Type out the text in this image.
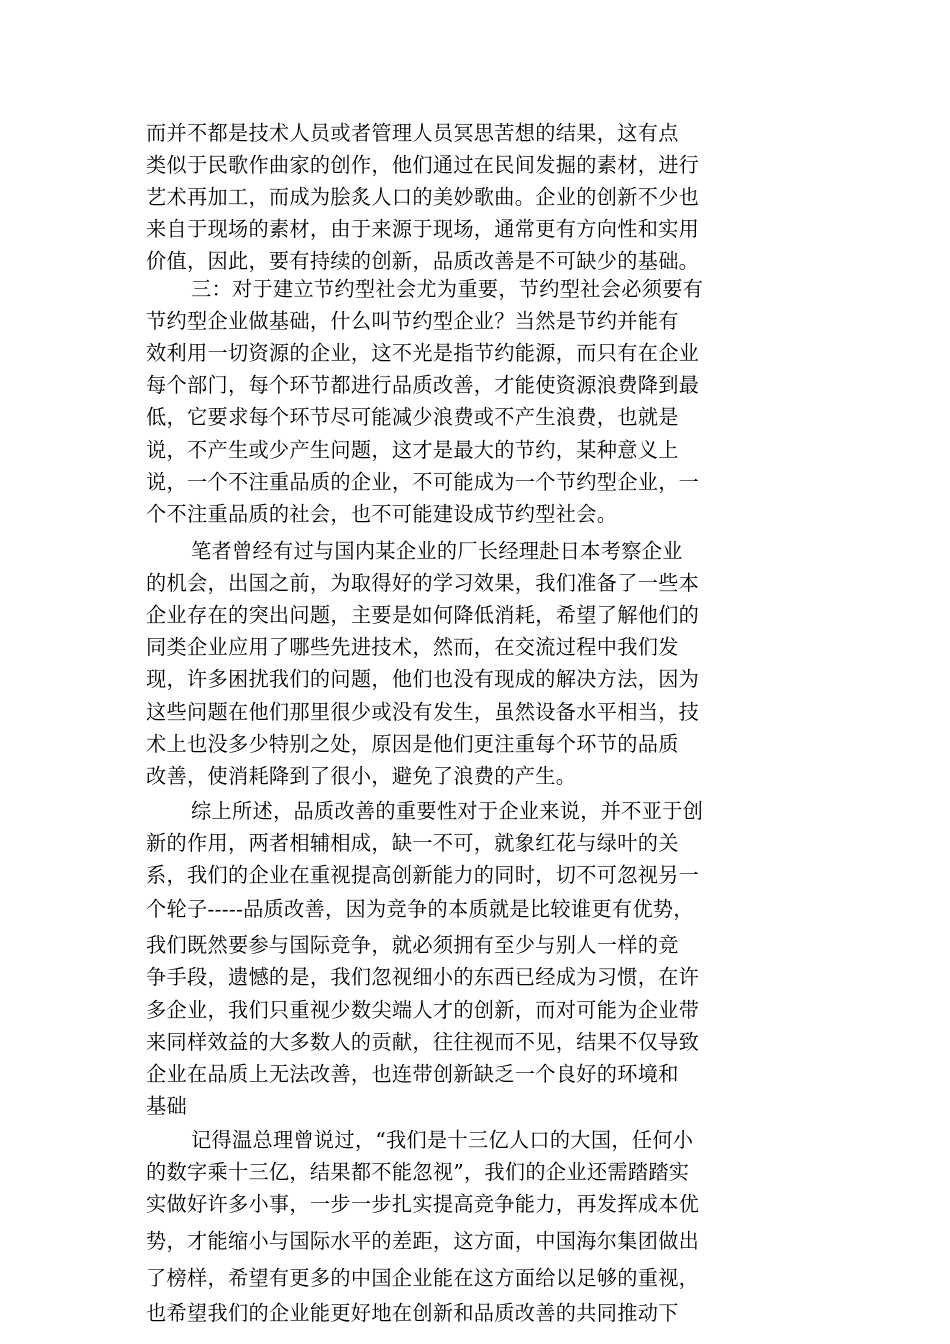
而并不都是技术人员或者管理人员冥思苦想的结果，这有点
类似于民歌作曲家的创作，他们通过在民间发掘的素材，进行
艺术再加工，而成为脍炙人口的美妙歌曲。企业的创新不少也
来自于现场的素材，由于来源于现场，通常更有方向性和实用
价值，因此，要有持续的创新，品质改善是不可缺少的基础。
三：对于建立节约型社会尤为重要，节约型社会必须要有
节约型企业做基础，什么叫节约型企业？当然是节约并能有
效利用一切资源的企业，这不光是指节约能源，而只有在企业
每个部门，每个环节都进行品质改善，才能使资源浪费降到最
低，它要求每个环节尽可能减少浪费或不产生浪费，也就是
说，不产生或少产生问题，这才是最大的节约，某种意义上
说，一个不注重品质的企业，不可能成为一个节约型企业，一
个不注重品质的社会，也不可能建设成节约型社会。
笔者曾经有过与国内某企业的厂长经理赴日本考察企业
的机会，出国之前，为取得好的学习效果，我们准备了一些本
企业存在的突出问题，主要是如何降低消耗，希望了解他们的
同类企业应用了哪些先进技术，然而，在交流过程中我们发
现，许多困扰我们的问题，他们也没有现成的解决方法，因为
这些问题在他们那里很少或没有发生，虽然设备水平相当，技
术上也没多少特别之处，原因是他们更注重每个环节的品质
改善，使消耗降到了很小，避免了浪费的产生。
综上所述，品质改善的重要性对于企业来说，并不亚于创
新的作用，两者相辅相成，缺一不可，就象红花与绿叶的关
系，我们的企业在重视提高创新能力的同时，切不可忽视另一
个轮子-----品质改善，因为竞争的本质就是比较谁更有优势，
我们既然要参与国际竞争，就必须拥有至少与别人一样的竞
争手段，遗憾的是，我们忽视细小的东西已经成为习惯，在许
多企业，我们只重视少数尖端人才的创新，而对可能为企业带
来同样效益的大多数人的贡献，往往视而不见，结果不仅导致
企业在品质上无法改善，也连带创新缺乏一个良好的环境和
基础
记得温总理曾说过，“我们是十三亿人口的大国，任何小
的数字乘十三亿，结果都不能忽视”，我们的企业还需踏踏实
实做好许多小事，一步一步扎实提高竞争能力，再发挥成本优
势，才能缩小与国际水平的差距，这方面，中国海尔集团做出
了榜样，希望有更多的中国企业能在这方面给以足够的重视，
也希望我们的企业能更好地在创新和品质改善的共同推动下
